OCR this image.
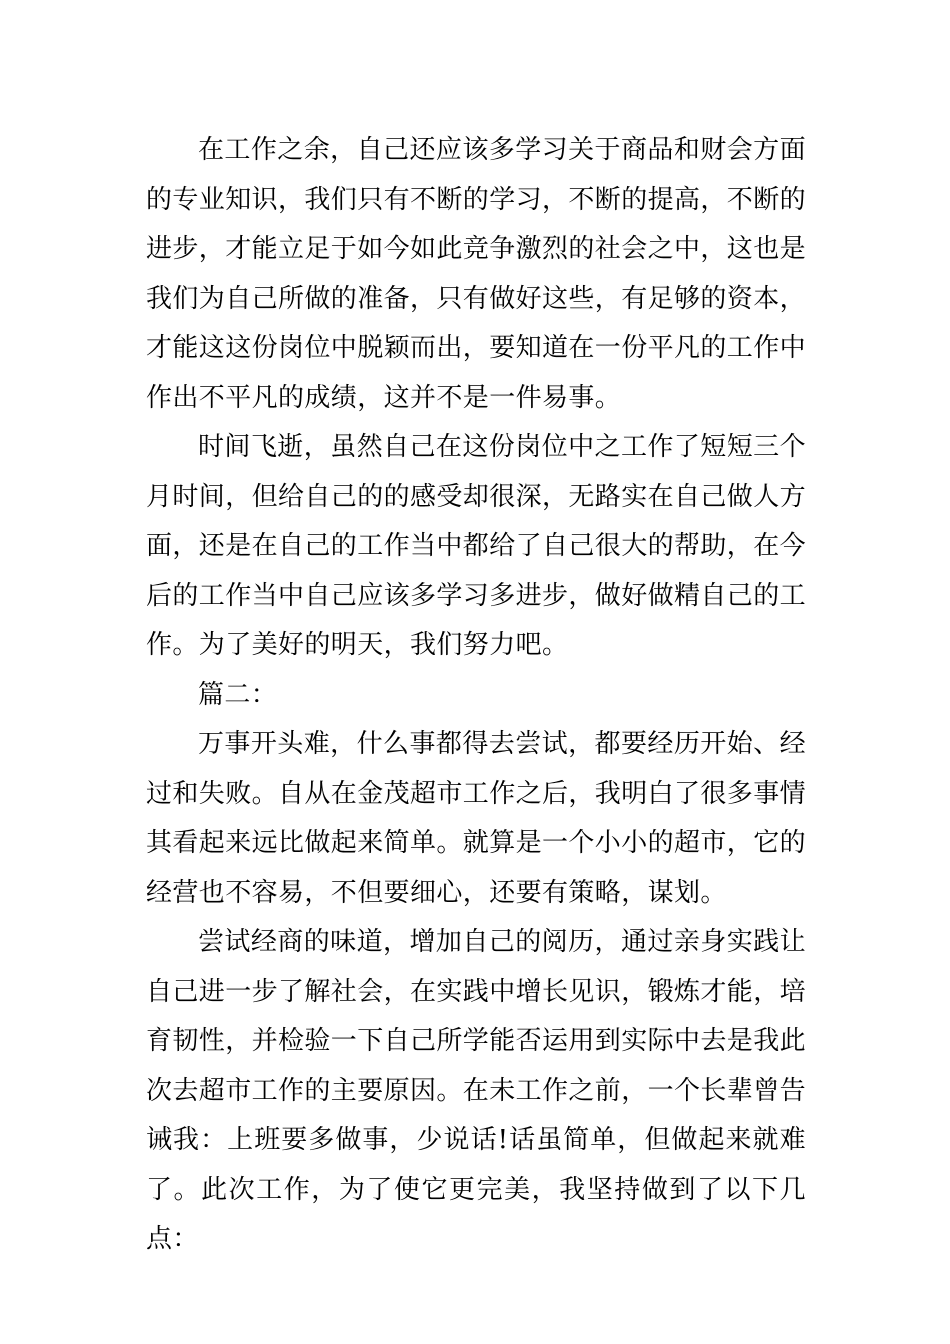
在工作之余，自己还应该多学习关于商品和财会方面的专业知识，我们只有不断的学习，不断的提高，不断的进步，才能立足于如今如此竞争激烈的社会之中，这也是我们为自己所做的准备，只有做好这些，有足够的资本，才能这这份岗位中脱颖而出，要知道在一份平凡的工作中作出不平凡的成绩，这并不是一件易事。

时间飞逝，虽然自己在这份岗位中之工作了短短三个月时间，但给自己的的感受却很深，无路实在自己做人方面，还是在自己的工作当中都给了自己很大的帮助，在今后的工作当中自己应该多学习多进步，做好做精自己的工作。为了美好的明天，我们努力吧。

篇二：

万事开头难，什么事都得去尝试，都要经历开始、经过和失败。自从在金茂超市工作之后，我明白了很多事情其看起来远比做起来简单。就算是一个小小的超市，它的经营也不容易，不但要细心，还要有策略，谋划。

尝试经商的味道，增加自己的阅历，通过亲身实践让自己进一步了解社会，在实践中增长见识，锻炼才能，培育韧性，并检验一下自己所学能否运用到实际中去是我此次去超市工作的主要原因。在未工作之前，一个长辈曾告诫我：上班要多做事，少说话!话虽简单，但做起来就难了。此次工作，为了使它更完美，我坚持做到了以下几点：
